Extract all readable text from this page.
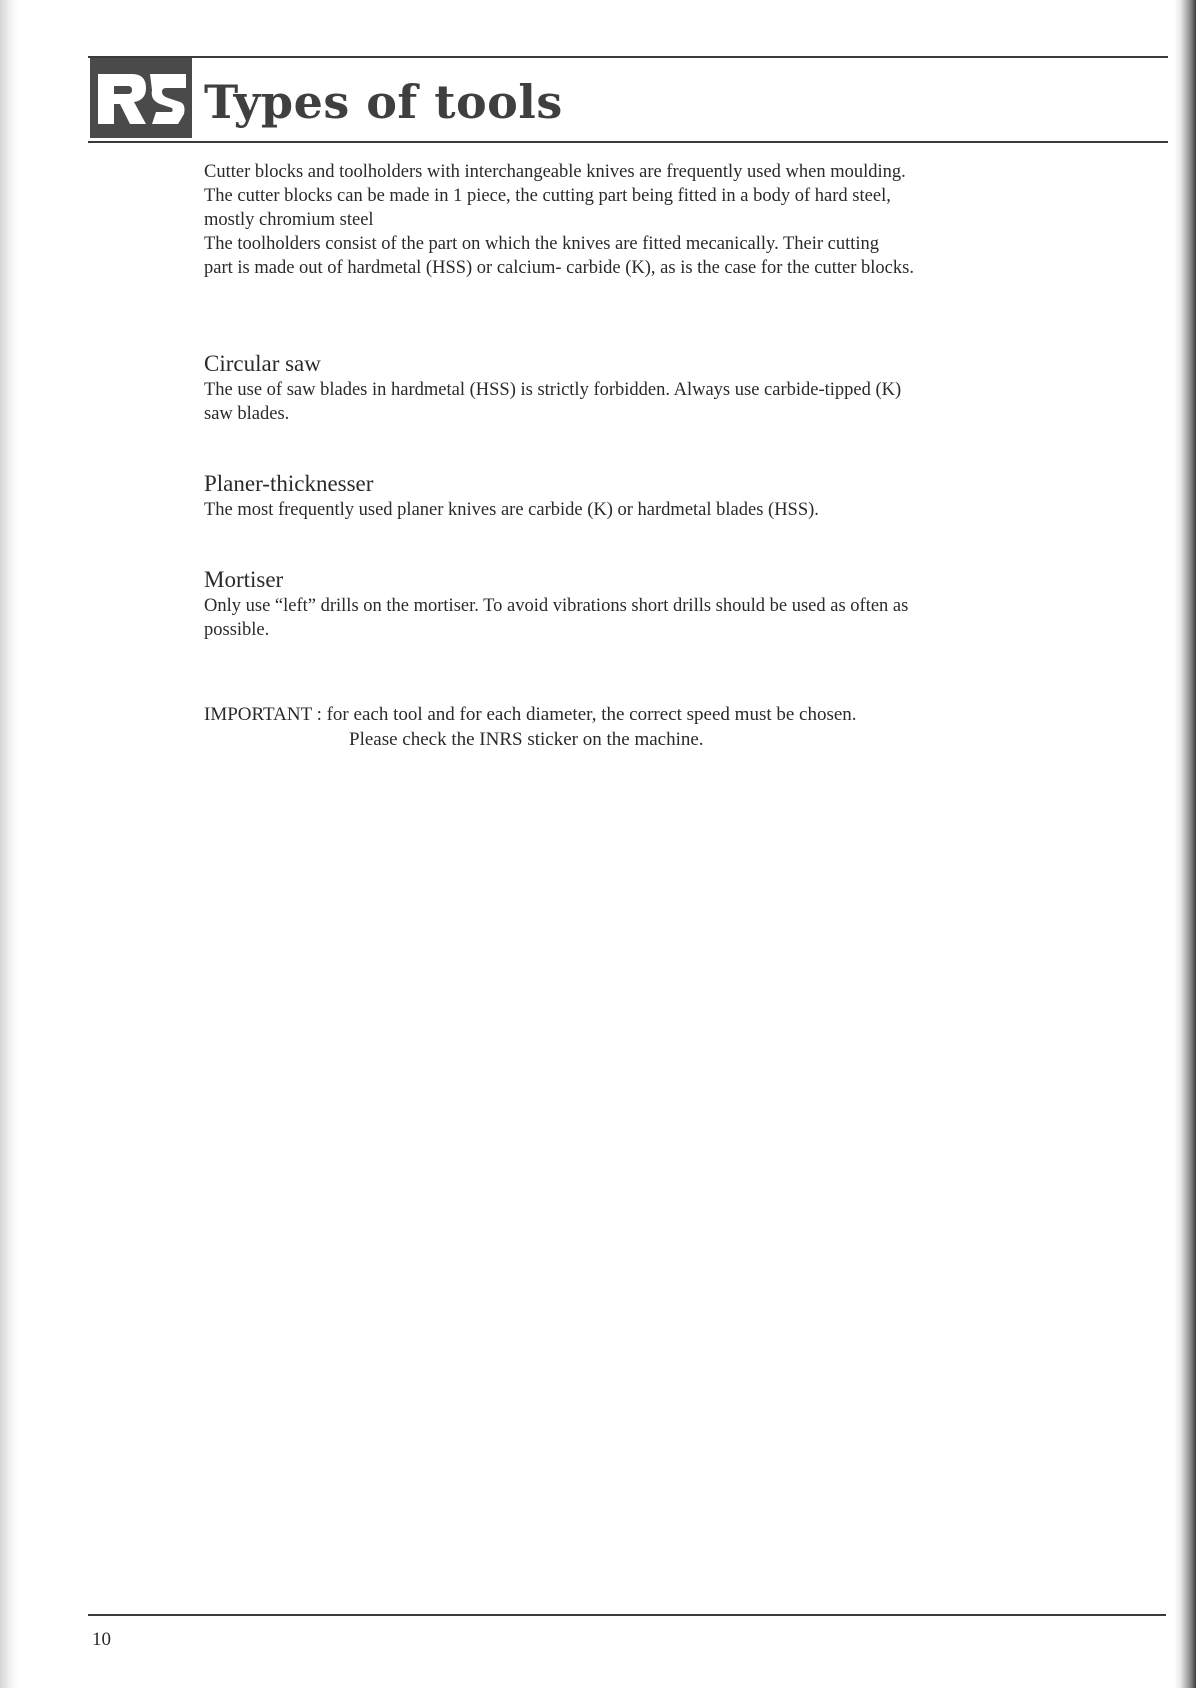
Types of tools

Cutter blocks and toolholders with interchangeable knives are frequently used when moulding.

The cutter blocks can be made in 1 piece, the cutting part being fitted in a body of hard steel,

mostly chromium steel

The toolholders consist of the part on which the knives are fitted mecanically. Their cutting

part is made out of hardmetal (HSS) or calcium- carbide (K), as is the case for the cutter blocks.

Circular saw

The use of saw blades in hardmetal (HSS) is strictly forbidden. Always use carbide-tipped (K)

saw blades.

Planer-thicknesser

The most frequently used planer knives are carbide (K) or hardmetal blades (HSS).

Mortiser

Only use “left” drills on the mortiser. To avoid vibrations short drills should be used as often as

possible.

IMPORTANT : for each tool and for each diameter, the correct speed must be chosen.
Please check the INRS sticker on the machine.
10
